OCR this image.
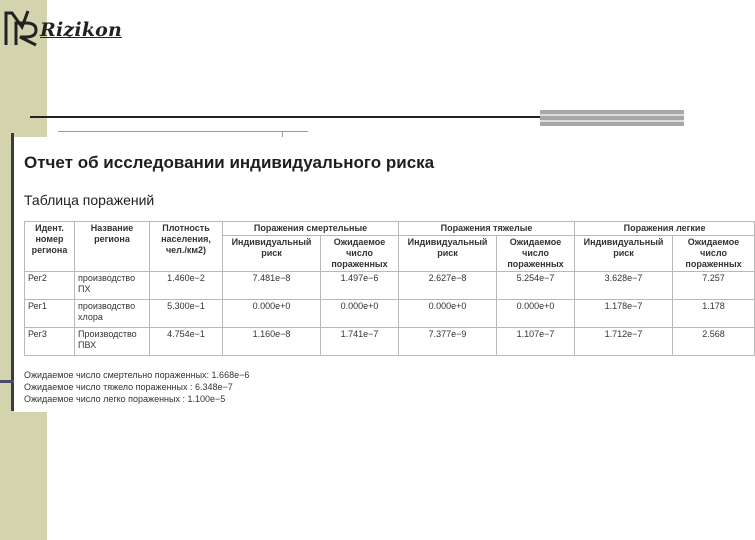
Rizikon
Отчет об исследовании индивидуального риска
Таблица поражений
Идент. номер региона	Название региона	Плотность населения, чел./км2)	Поражения смертельные		Поражения тяжелые		Поражения легкие	
			Индивидуальный риск	Ожидаемое число пораженных	Индивидуальный риск	Ожидаемое число пораженных	Индивидуальный риск	Ожидаемое число пораженных
Рег2	производство ПХ	1.460e−2	7.481e−8	1.497e−6	2.627e−8	5.254e−7	3.628e−7	7.257
Рег1	производство хлора	5.300e−1	0.000e+0	0.000e+0	0.000e+0	0.000e+0	1.178e−7	1.178
Рег3	Производство ПВХ	4.754e−1	1.160e−8	1.741e−7	7.377e−9	1.107e−7	1.712e−7	2.568
Ожидаемое число смертельно пораженных: 1.668e−6
Ожидаемое число тяжело пораженных : 6.348e−7
Ожидаемое число легко пораженных : 1.100e−5
